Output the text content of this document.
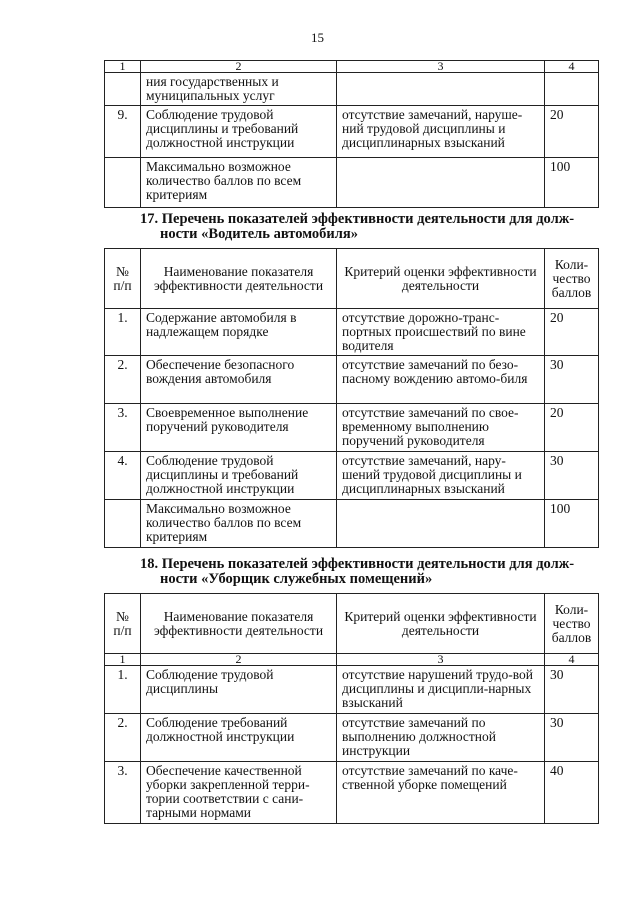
15
1	2	3	4
	ния государственных и муниципальных услуг		
9.	Соблюдение трудовой дисциплины и требований должностной инструкции	отсутствие замечаний, наруше-ний трудовой дисциплины и дисциплинарных взысканий	20
	Максимально возможное количество баллов по всем критериям		100
17. Перечень показателей эффективности деятельности для долж-
ности «Водитель автомобиля»
№ п/п	Наименование показателя эффективности деятельности	Критерий оценки эффективности деятельности	Коли-чество баллов
1.	Содержание автомобиля в надлежащем порядке	отсутствие дорожно-транс-портных происшествий по вине водителя	20
2.	Обеспечение безопасного вождения автомобиля	отсутствие замечаний по безо-пасному вождению автомо-биля	30
3.	Своевременное выполнение поручений руководителя	отсутствие замечаний по свое-временному выполнению поручений руководителя	20
4.	Соблюдение трудовой дисциплины и требований должностной инструкции	отсутствие замечаний, нару-шений трудовой дисциплины и дисциплинарных взысканий	30
	Максимально возможное количество баллов по всем критериям		100
18. Перечень показателей эффективности деятельности для долж-
ности «Уборщик служебных помещений»
№ п/п	Наименование показателя эффективности деятельности	Критерий оценки эффективности деятельности	Коли-чество баллов
1	2	3	4
1.	Соблюдение трудовой дисциплины	отсутствие нарушений трудо-вой дисциплины и дисципли-нарных взысканий	30
2.	Соблюдение требований должностной инструкции	отсутствие замечаний по выполнению должностной инструкции	30
3.	Обеспечение качественной уборки закрепленной терри-тории соответствии с сани-тарными нормами	отсутствие замечаний по каче-ственной уборке помещений	40
